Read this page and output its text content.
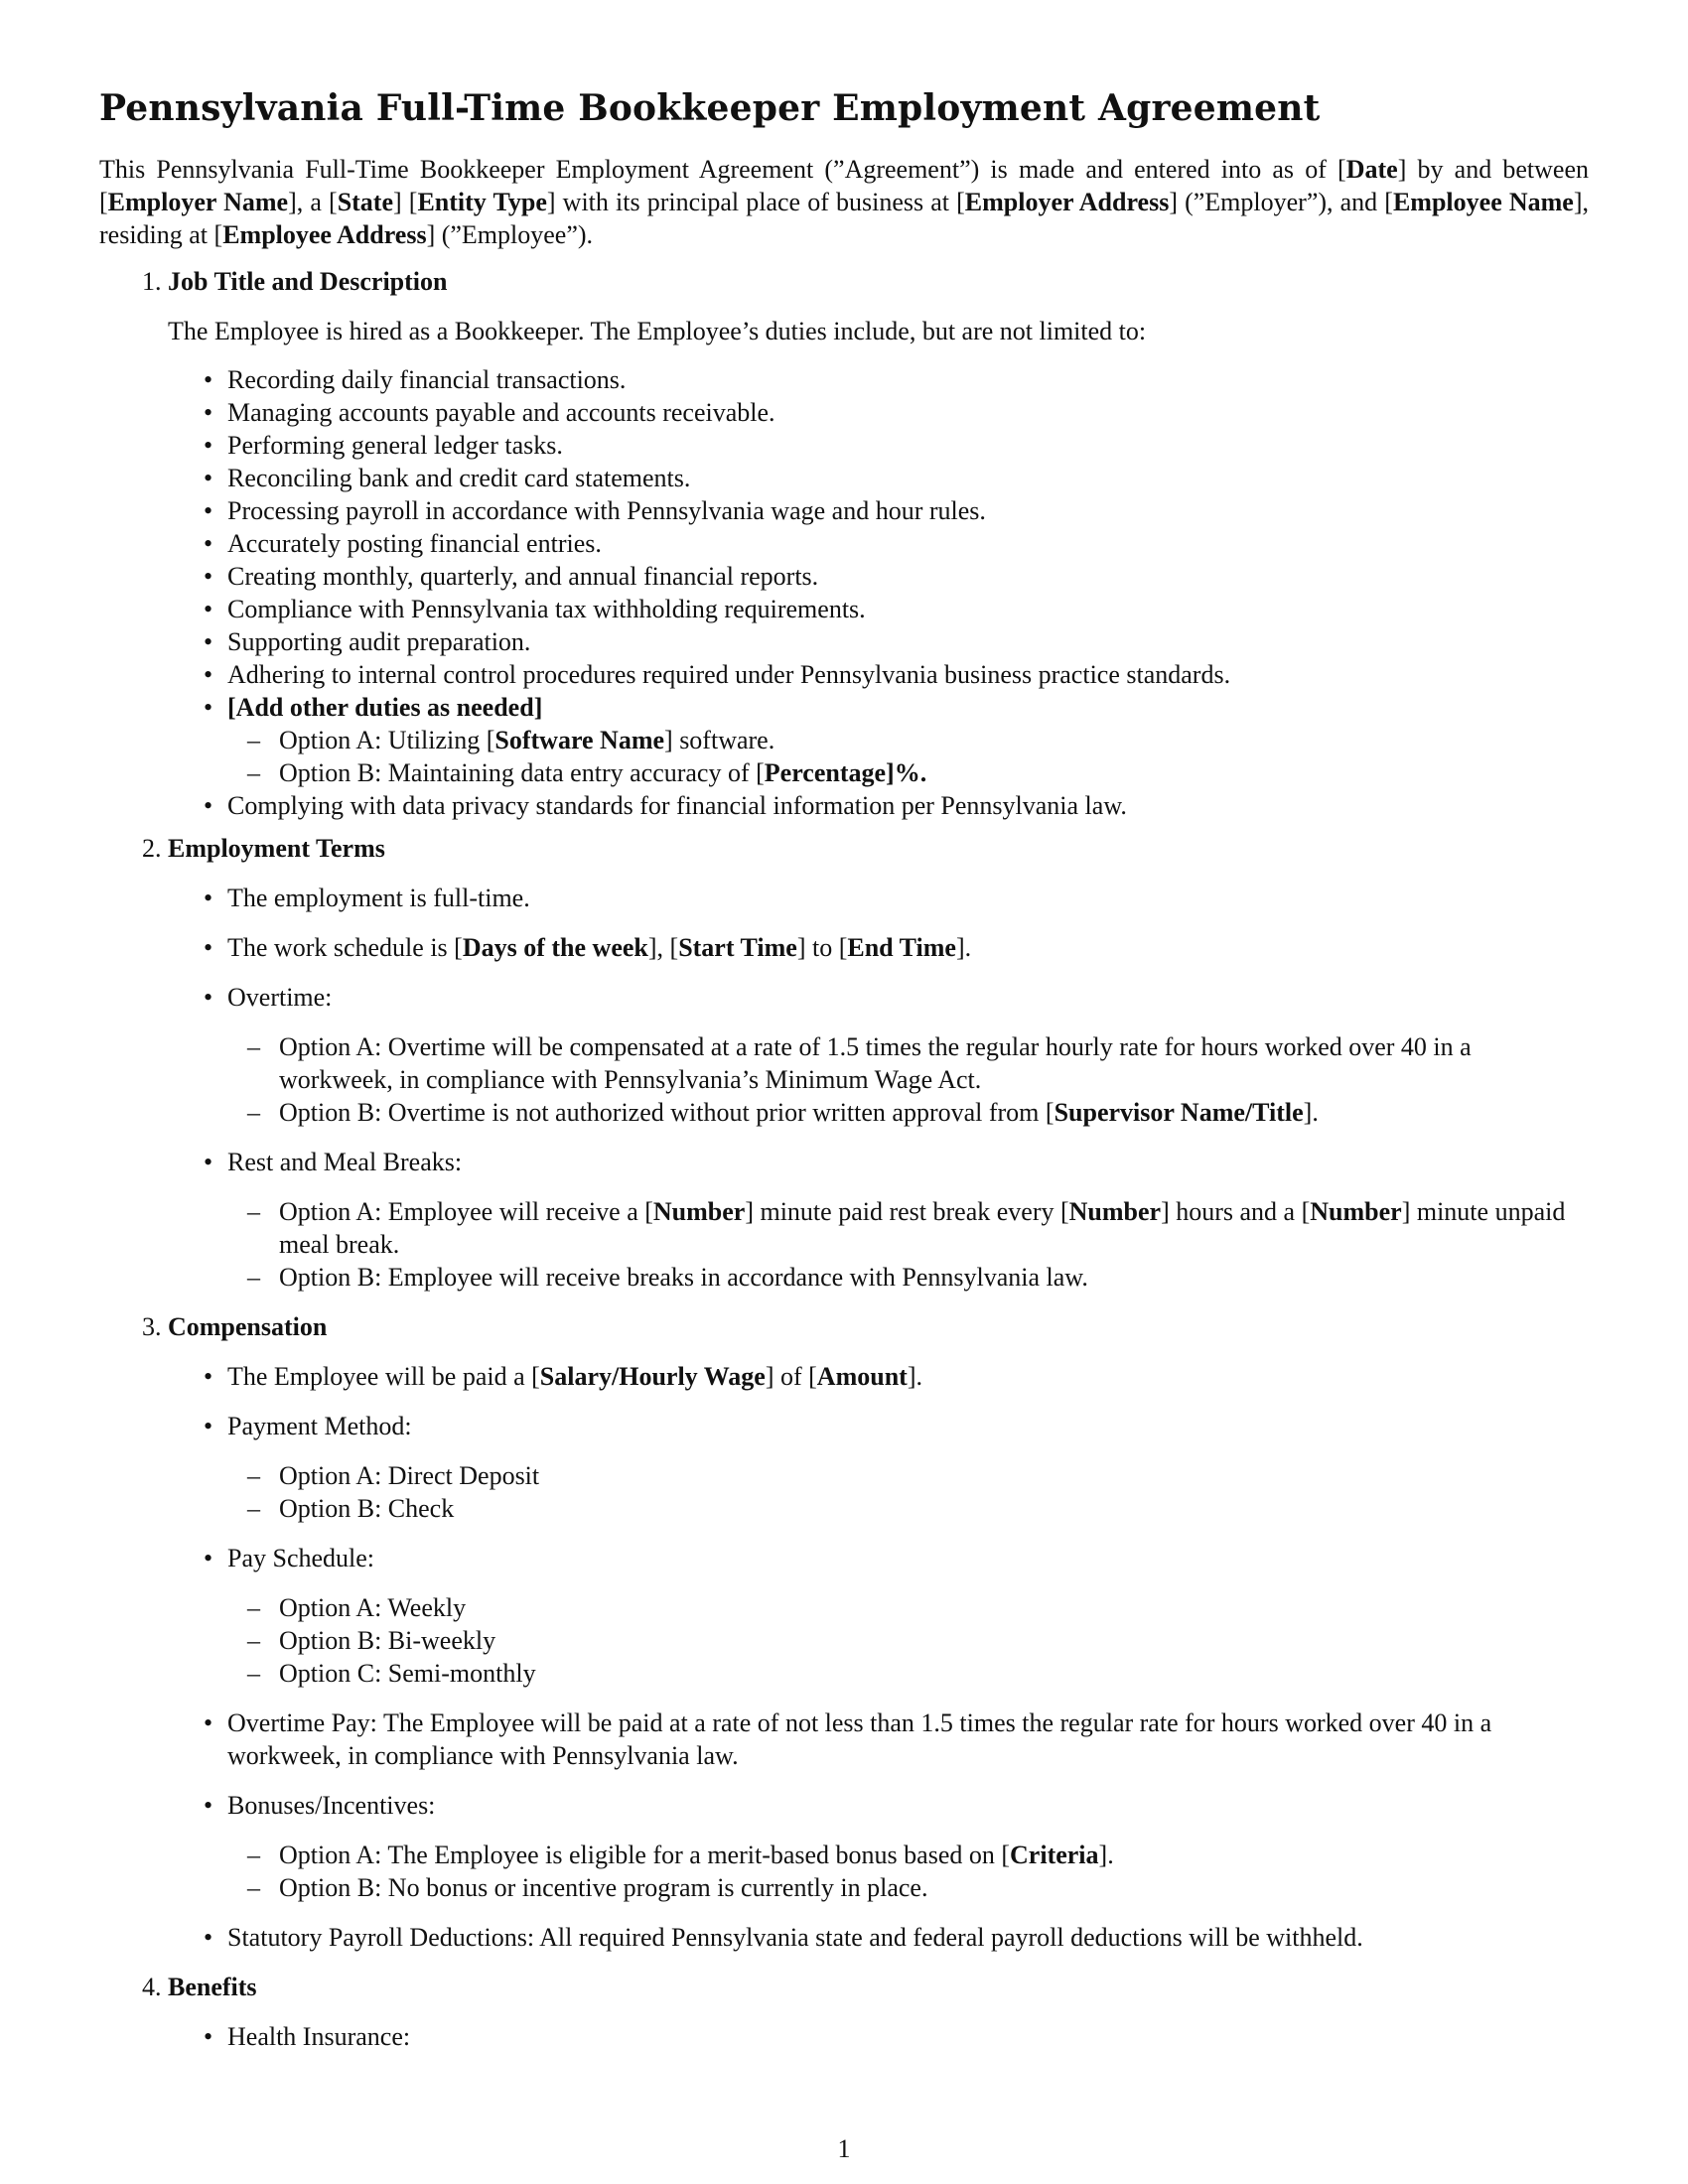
Pennsylvania Full-Time Bookkeeper Employment Agreement

This Pennsylvania Full-Time Bookkeeper Employment Agreement (”Agreement”) is made and entered into as of [Date] by and between [Employer Name], a [State] [Entity Type] with its principal place of business at [Employer Address] (”Employer”), and [Employee Name], residing at [Employee Address] (”Employee”).

1. Job Title and Description

The Employee is hired as a Bookkeeper. The Employee’s duties include, but are not limited to:

• Recording daily financial transactions.
• Managing accounts payable and accounts receivable.
• Performing general ledger tasks.
• Reconciling bank and credit card statements.
• Processing payroll in accordance with Pennsylvania wage and hour rules.
• Accurately posting financial entries.
• Creating monthly, quarterly, and annual financial reports.
• Compliance with Pennsylvania tax withholding requirements.
• Supporting audit preparation.
• Adhering to internal control procedures required under Pennsylvania business practice standards.
• [Add other duties as needed]
– Option A: Utilizing [Software Name] software.
– Option B: Maintaining data entry accuracy of [Percentage]%.
• Complying with data privacy standards for financial information per Pennsylvania law.
2. Employment Terms
• The employment is full-time.
• The work schedule is [Days of the week], [Start Time] to [End Time].
• Overtime:
– Option A: Overtime will be compensated at a rate of 1.5 times the regular hourly rate for hours worked over 40 in a workweek, in compliance with Pennsylvania’s Minimum Wage Act.
– Option B: Overtime is not authorized without prior written approval from [Supervisor Name/Title].
• Rest and Meal Breaks:
– Option A: Employee will receive a [Number] minute paid rest break every [Number] hours and a [Number] minute unpaid meal break.
– Option B: Employee will receive breaks in accordance with Pennsylvania law.
3. Compensation
• The Employee will be paid a [Salary/Hourly Wage] of [Amount].
• Payment Method:
– Option A: Direct Deposit
– Option B: Check
• Pay Schedule:
– Option A: Weekly
– Option B: Bi-weekly
– Option C: Semi-monthly
• Overtime Pay: The Employee will be paid at a rate of not less than 1.5 times the regular rate for hours worked over 40 in a workweek, in compliance with Pennsylvania law.
• Bonuses/Incentives:
– Option A: The Employee is eligible for a merit-based bonus based on [Criteria].
– Option B: No bonus or incentive program is currently in place.
• Statutory Payroll Deductions: All required Pennsylvania state and federal payroll deductions will be withheld.
4. Benefits
• Health Insurance:
1
